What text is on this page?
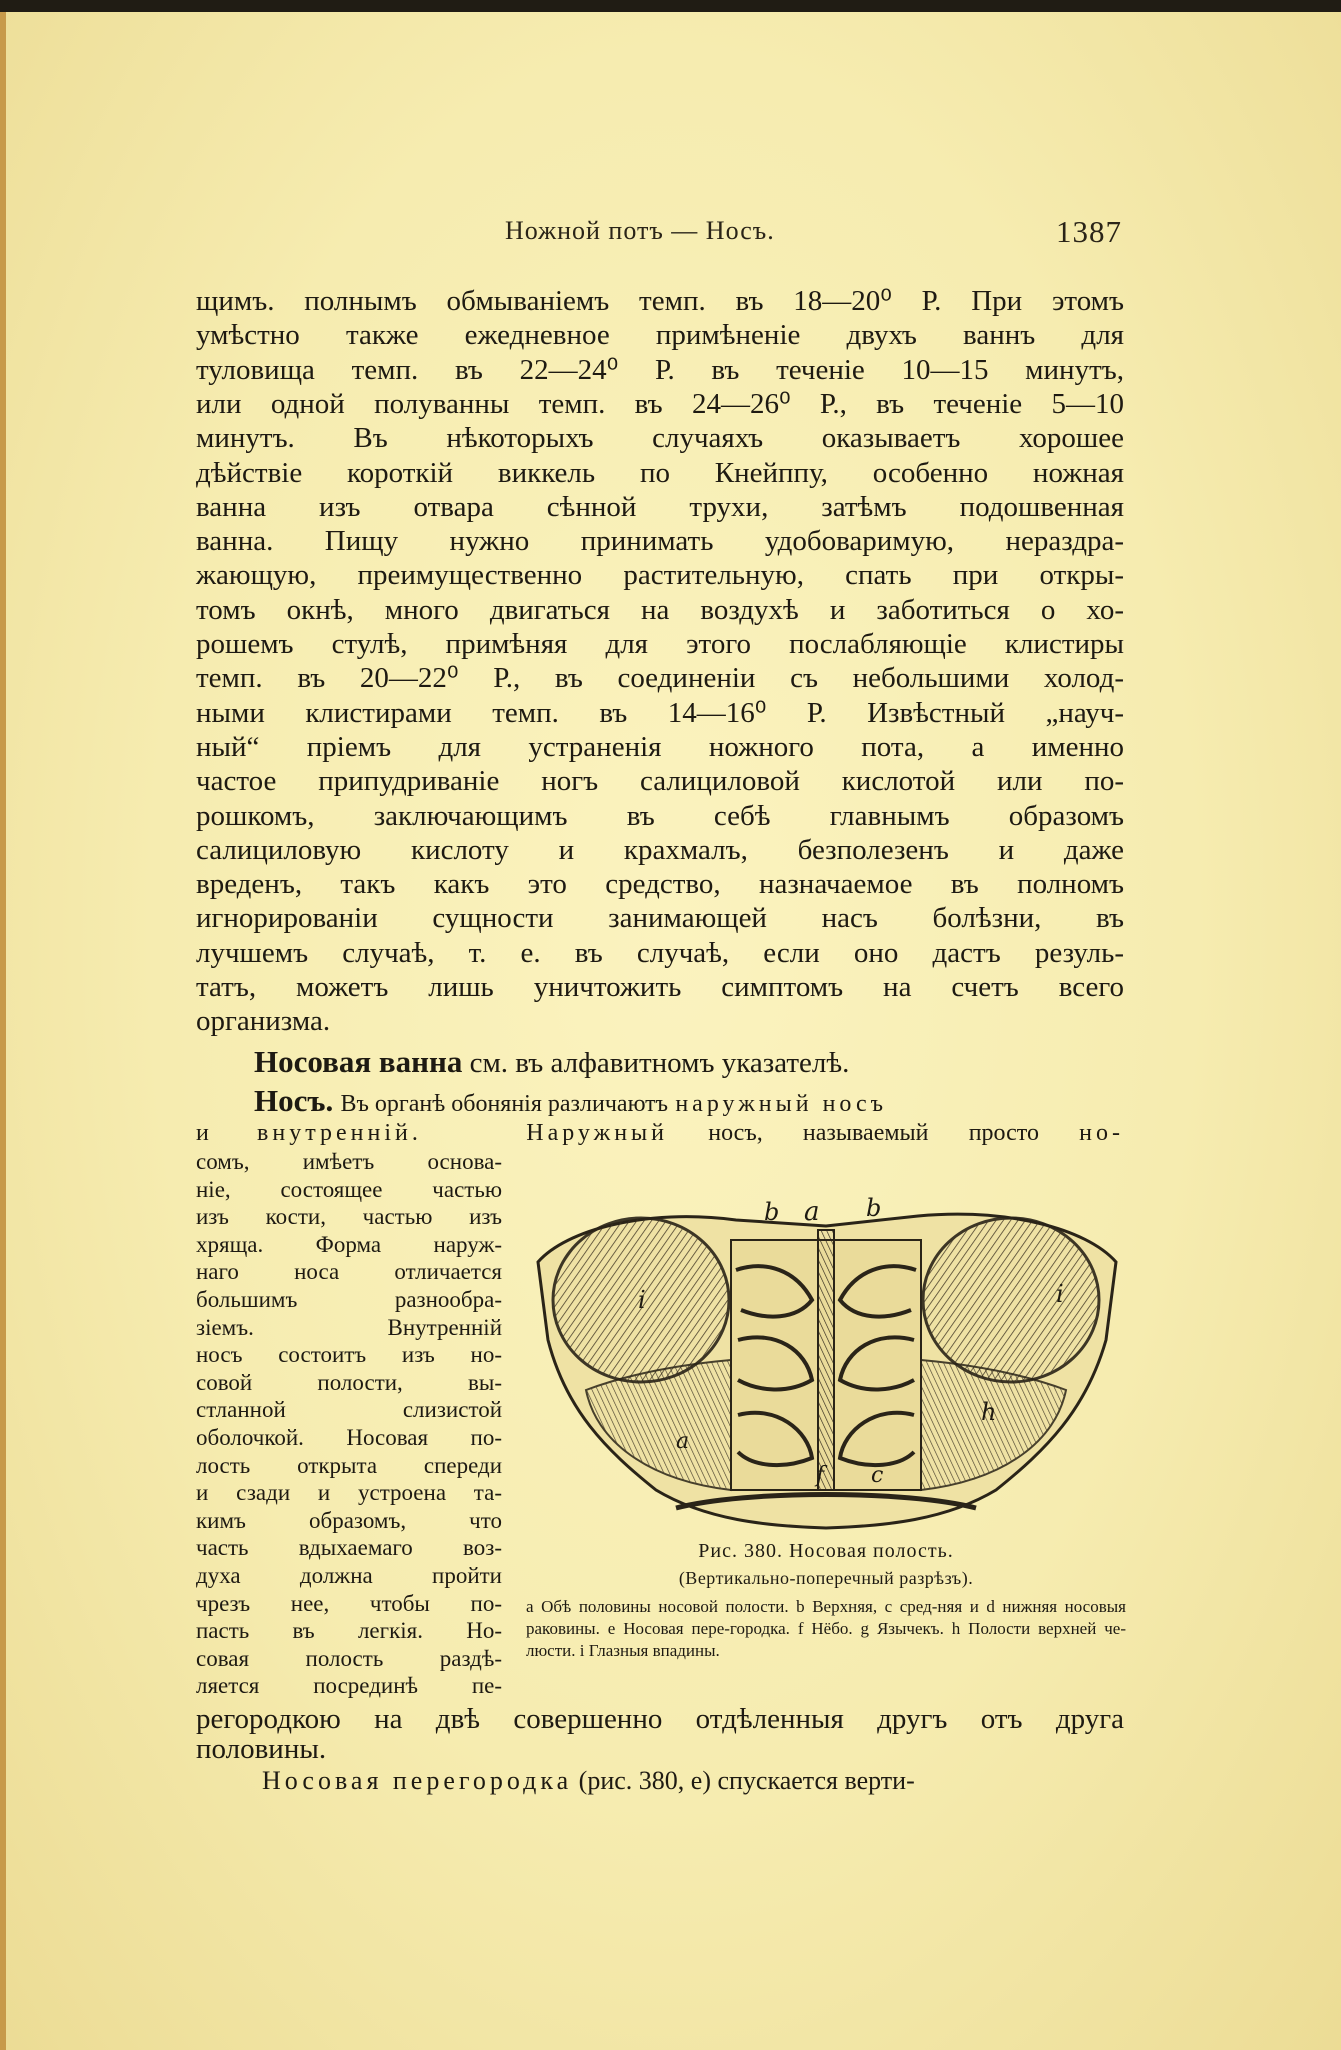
Ножной потъ — Носъ.	1387
щимъ. полнымъ обмываніемъ темп. въ 18—20⁰ Р. При этомъ
умѣстно также ежедневное примѣненіе двухъ ваннъ для
туловища темп. въ 22—24⁰ Р. въ теченіе 10—15 минутъ,
или одной полуванны темп. въ 24—26⁰ Р., въ теченіе 5—10
минутъ. Въ нѣкоторыхъ случаяхъ оказываетъ хорошее
дѣйствіе короткій виккель по Кнейппу, особенно ножная
ванна изъ отвара сѣнной трухи, затѣмъ подошвенная
ванна. Пищу нужно принимать удобоваримую, нераздра-
жающую, преимущественно растительную, спать при откры-
томъ окнѣ, много двигаться на воздухѣ и заботиться о хо-
рошемъ стулѣ, примѣняя для этого послабляющіе клистиры
темп. въ 20—22⁰ Р., въ соединеніи съ небольшими холод-
ными клистирами темп. въ 14—16⁰ Р. Извѣстный „науч-
ный“ пріемъ для устраненія ножного пота, а именно
частое припудриваніе ногъ салициловой кислотой или по-
рошкомъ, заключающимъ въ себѣ главнымъ образомъ
салициловую кислоту и крахмалъ, безполезенъ и даже
вреденъ, такъ какъ это средство, назначаемое въ полномъ
игнорированіи сущности занимающей насъ болѣзни, въ
лучшемъ случаѣ, т. е. въ случаѣ, если оно дастъ резуль-
татъ, можетъ лишь уничтожить симптомъ на счетъ всего
организма.
Носовая ванна см. въ алфавитномъ указателѣ.
Носъ. Въ органѣ обонянія различаютъ наружный носъ
и внутренній.	Наружный носъ, называемый просто но-
сомъ, имѣетъ основа-
ніе, состоящее частью
изъ кости, частью изъ
хряща. Форма наруж-
наго носа отличается
большимъ разнообра-
зіемъ. Внутренній
носъ состоитъ изъ но-
совой полости, вы-
стланной слизистой
оболочкой. Носовая по-
лость открыта спереди
и сзади и устроена та-
кимъ образомъ, что
часть вдыхаемаго воз-
духа должна пройти
чрезъ нее, чтобы по-
пасть въ легкія. Но-
совая полость раздѣ-
ляется посрединѣ пе-
b a b
i	i
h
a
f c
Рис. 380. Носовая полость.
(Вертикально-поперечный разрѣзъ).
a Обѣ половины носовой полости. b Верхняя, c сред-няя и d нижняя носовыя раковины. e Носовая пере-городка. f Нёбо. g Язычекъ. h Полости верхней че-люсти. i Глазныя впадины.
регородкою на двѣ совершенно отдѣленныя другъ отъ друга
половины.
Носовая перегородка (рис. 380, e) спускается верти-
